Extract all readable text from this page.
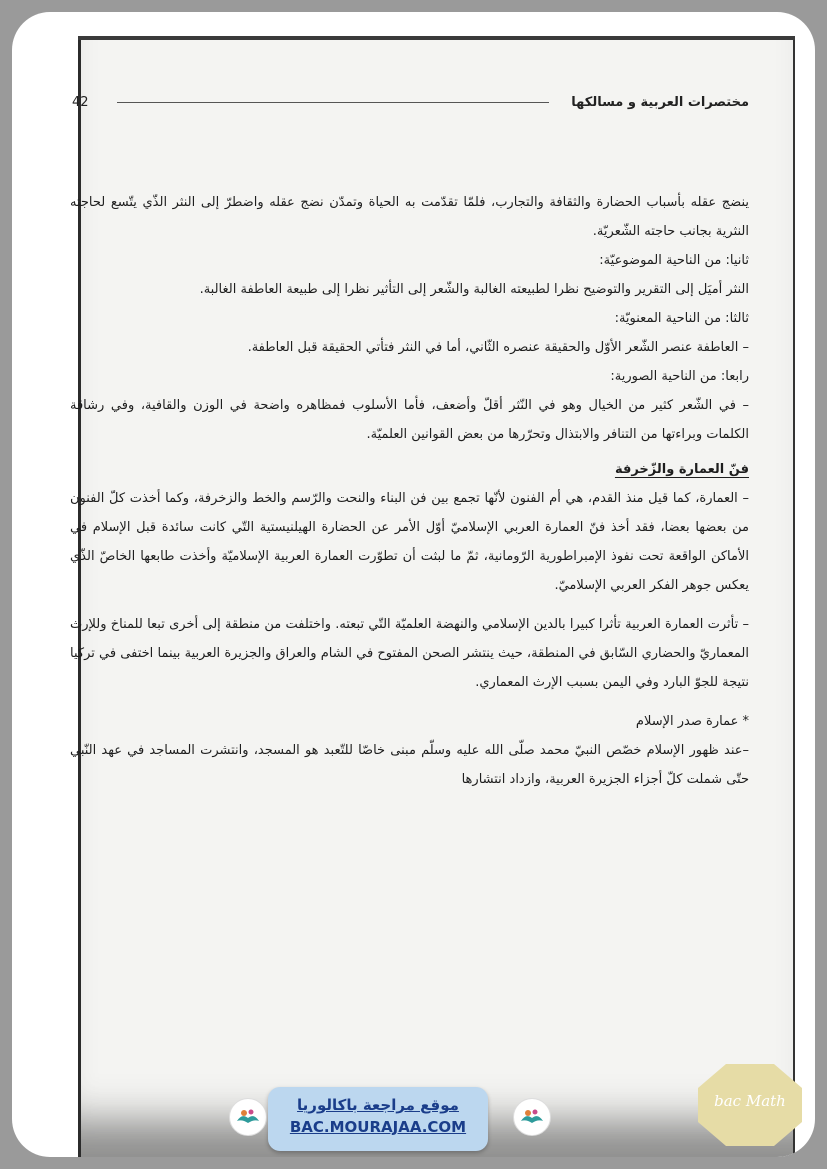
مختصرات العربية و مسالكها
42

ينضج عقله بأسباب الحضارة والثقافة والتجارب، فلمّا تقدّمت به الحياة وتمدّن نضج عقله واضطرّ إلى النثر الذّي يتّسع لحاجته النثرية بجانب حاجته الشّعريّة.

ثانيا: من الناحية الموضوعيّة:

النثر أميَل إلى التقرير والتوضيح نظرا لطبيعته الغالبة والشّعر إلى التأثير نظرا إلى طبيعة العاطفة الغالبة.

ثالثا: من الناحية المعنويّة:

– العاطفة عنصر الشّعر الأوّل والحقيقة عنصره الثّاني، أما في النثر فتأتي الحقيقة قبل العاطفة.

رابعا: من الناحية الصورية:

– في الشّعر كثير من الخيال وهو في النّثر أقلّ وأضعف، فأما الأسلوب فمظاهره واضحة في الوزن والقافية، وفي رشاقة الكلمات وبراءتها من التنافر والابتذال وتحرّرها من بعض القوانين العلميّة.

فنّ العمارة والزّخرفة

– العمارة، كما قيل منذ القدم، هي أم الفنون لأنّها تجمع بين فن البناء والنحت والرّسم والخط والزخرفة، وكما أخذت كلّ الفنون من بعضها بعضا، فقد أخذ فنّ العمارة العربي الإسلاميّ أوّل الأمر عن الحضارة الهيلنيستية التّي كانت سائدة قبل الإسلام في الأماكن الواقعة تحت نفوذ الإمبراطورية الرّومانية، ثمّ ما لبثت أن تطوّرت العمارة العربية الإسلاميّة وأخذت طابعها الخاصّ الذّي يعكس جوهر الفكر العربي الإسلاميّ.

– تأثرت العمارة العربية تأثرا كبيرا بالدين الإسلامي والنهضة العلميّة التّي تبعته. واختلفت من منطقة إلى أخرى تبعا للمناخ وللإرث المعماريّ والحضاري السّابق في المنطقة، حيث ينتشر الصحن المفتوح في الشام والعراق والجزيرة العربية بينما اختفى في تركيا نتيجة للجوّ البارد وفي اليمن بسبب الإرث المعماري.

* عمارة صدر الإسلام

–عند ظهور الإسلام خصّص النبيّ محمد صلّى الله عليه وسلّم مبنى خاصّا للتّعبد هو المسجد، وانتشرت المساجد في عهد النّبي حتّى شملت كلّ أجزاء الجزيرة العربية، وازداد انتشارها

موقع مراجعة باكالوريا
BAC.MOURAJAA.COM
bac Math
